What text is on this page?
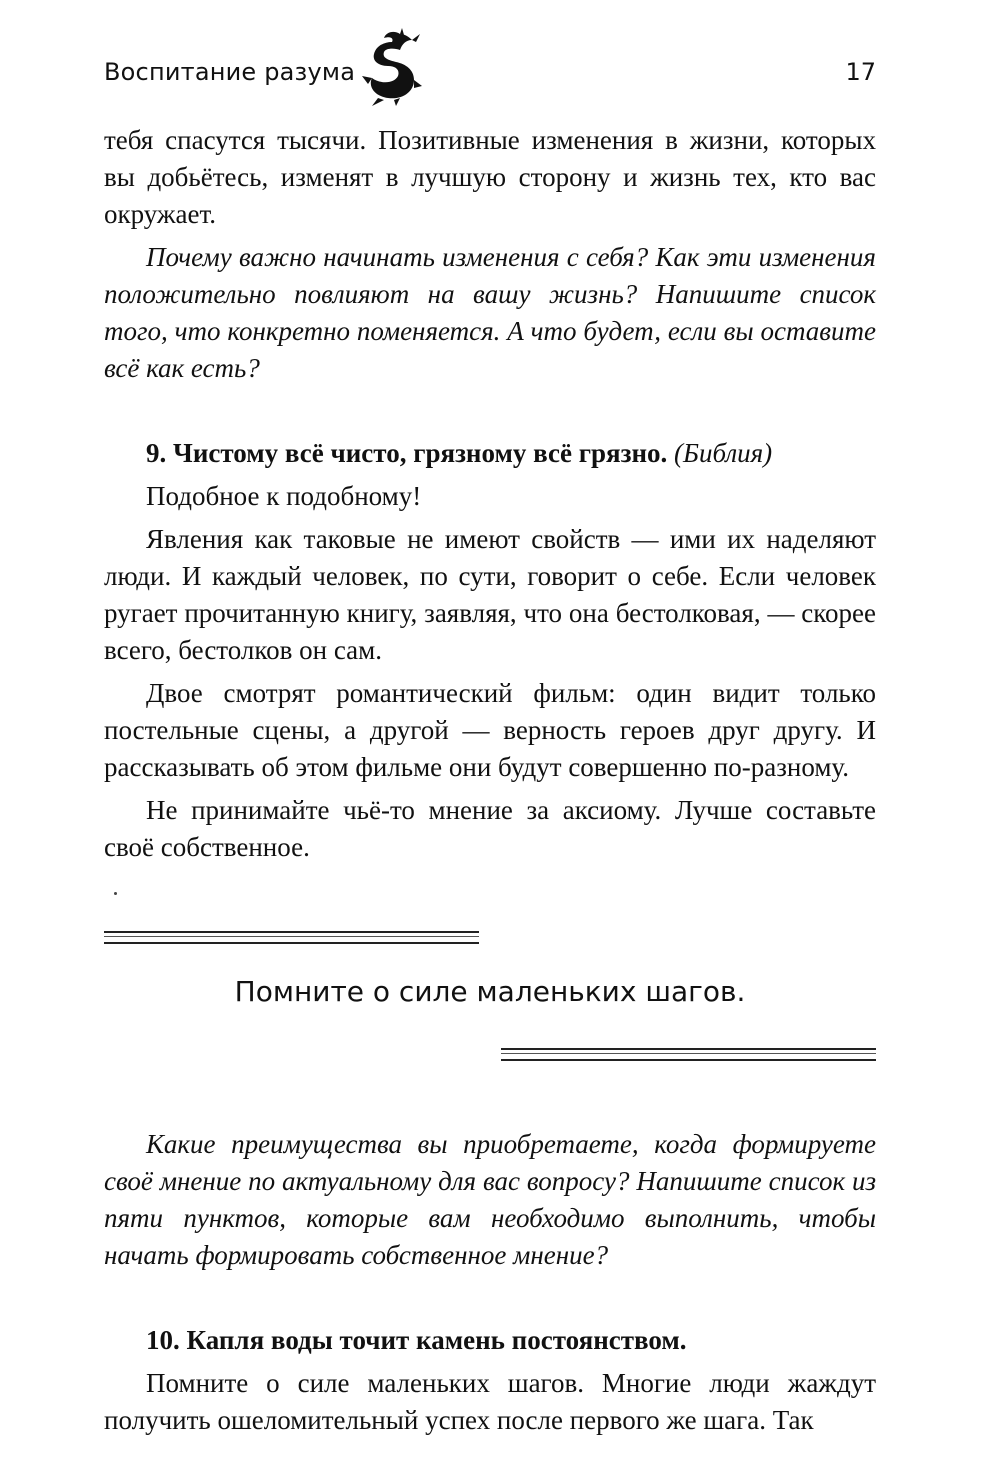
Воспитание разума	17

тебя спасутся тысячи. Позитивные изменения в жизни, которых вы добьётесь, изменят в лучшую сторону и жизнь тех, кто вас окружает.

Почему важно начинать изменения с себя? Как эти изменения положительно повлияют на вашу жизнь? Напишите список того, что конкретно поменяется. А что будет, если вы оставите всё как есть?

9. Чистому всё чисто, грязному всё грязно. (Библия)

Подобное к подобному!

Явления как таковые не имеют свойств — ими их наделяют люди. И каждый человек, по сути, говорит о себе. Если человек ругает прочитанную книгу, заявляя, что она бестолковая, — скорее всего, бестолков он сам.

Двое смотрят романтический фильм: один видит только постельные сцены, а другой — верность героев друг другу. И рассказывать об этом фильме они будут совершенно по-разному.

Не принимайте чьё-то мнение за аксиому. Лучше составьте своё собственное.

Помните о силе маленьких шагов.

Какие преимущества вы приобретаете, когда формируете своё мнение по актуальному для вас вопросу? Напишите список из пяти пунктов, которые вам необходимо выполнить, чтобы начать формировать собственное мнение?

10. Капля воды точит камень постоянством.

Помните о силе маленьких шагов. Многие люди жаждут получить ошеломительный успех после первого же шага. Так
